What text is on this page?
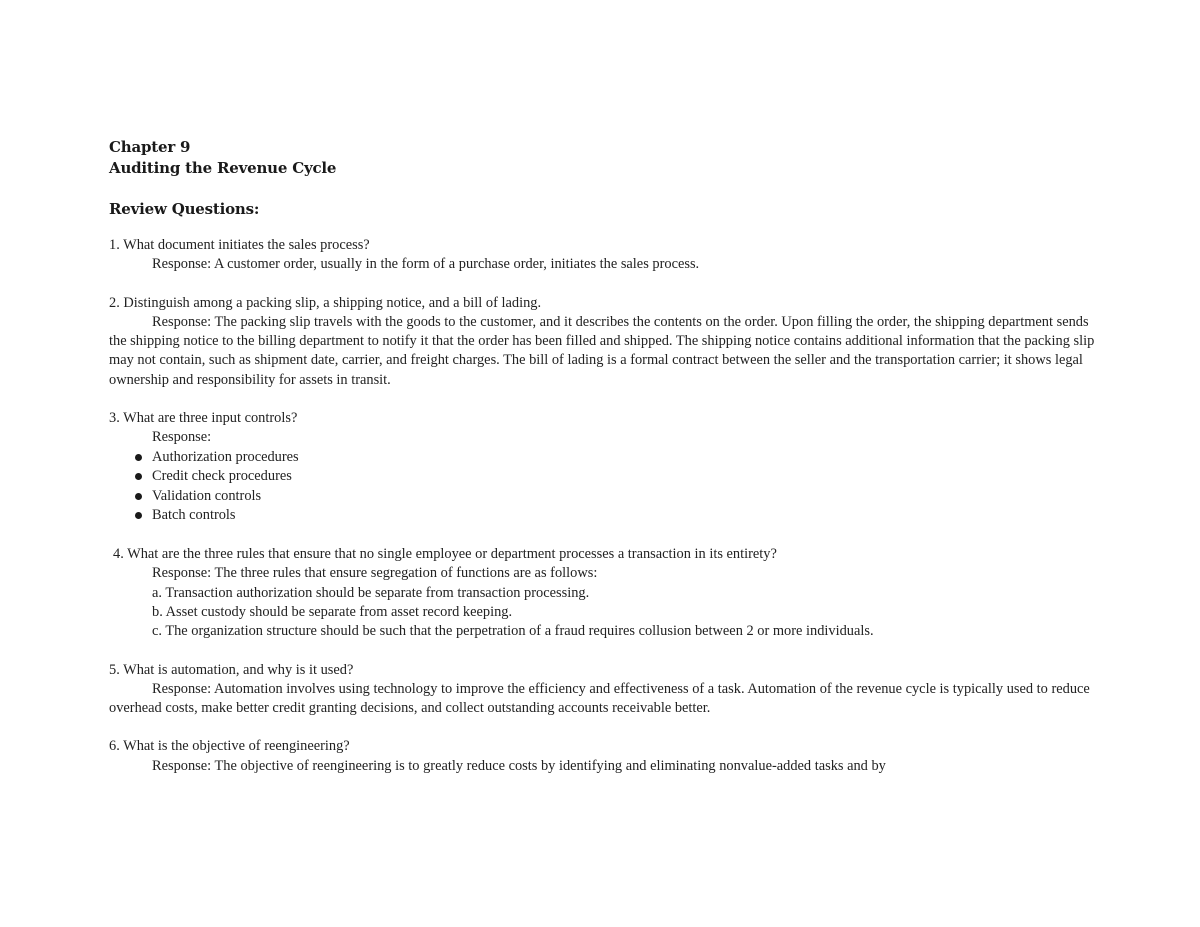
Chapter 9
Auditing the Revenue Cycle
Review Questions:
1. What document initiates the sales process?
Response: A customer order, usually in the form of a purchase order, initiates the sales process.
2. Distinguish among a packing slip, a shipping notice, and a bill of lading.
Response: The packing slip travels with the goods to the customer, and it describes the contents on the order. Upon filling the order, the shipping department sends the shipping notice to the billing department to notify it that the order has been filled and shipped. The shipping notice contains additional information that the packing slip may not contain, such as shipment date, carrier, and freight charges. The bill of lading is a formal contract between the seller and the transportation carrier; it shows legal ownership and responsibility for assets in transit.
3. What are three input controls?
Response:
Authorization procedures
Credit check procedures
Validation controls
Batch controls
4. What are the three rules that ensure that no single employee or department processes a transaction in its entirety?
Response: The three rules that ensure segregation of functions are as follows:
a. Transaction authorization should be separate from transaction processing.
b. Asset custody should be separate from asset record keeping.
c. The organization structure should be such that the perpetration of a fraud requires collusion between 2 or more individuals.
5. What is automation, and why is it used?
Response: Automation involves using technology to improve the efficiency and effectiveness of a task. Automation of the revenue cycle is typically used to reduce overhead costs, make better credit granting decisions, and collect outstanding accounts receivable better.
6. What is the objective of reengineering?
Response: The objective of reengineering is to greatly reduce costs by identifying and eliminating nonvalue-added tasks and by
